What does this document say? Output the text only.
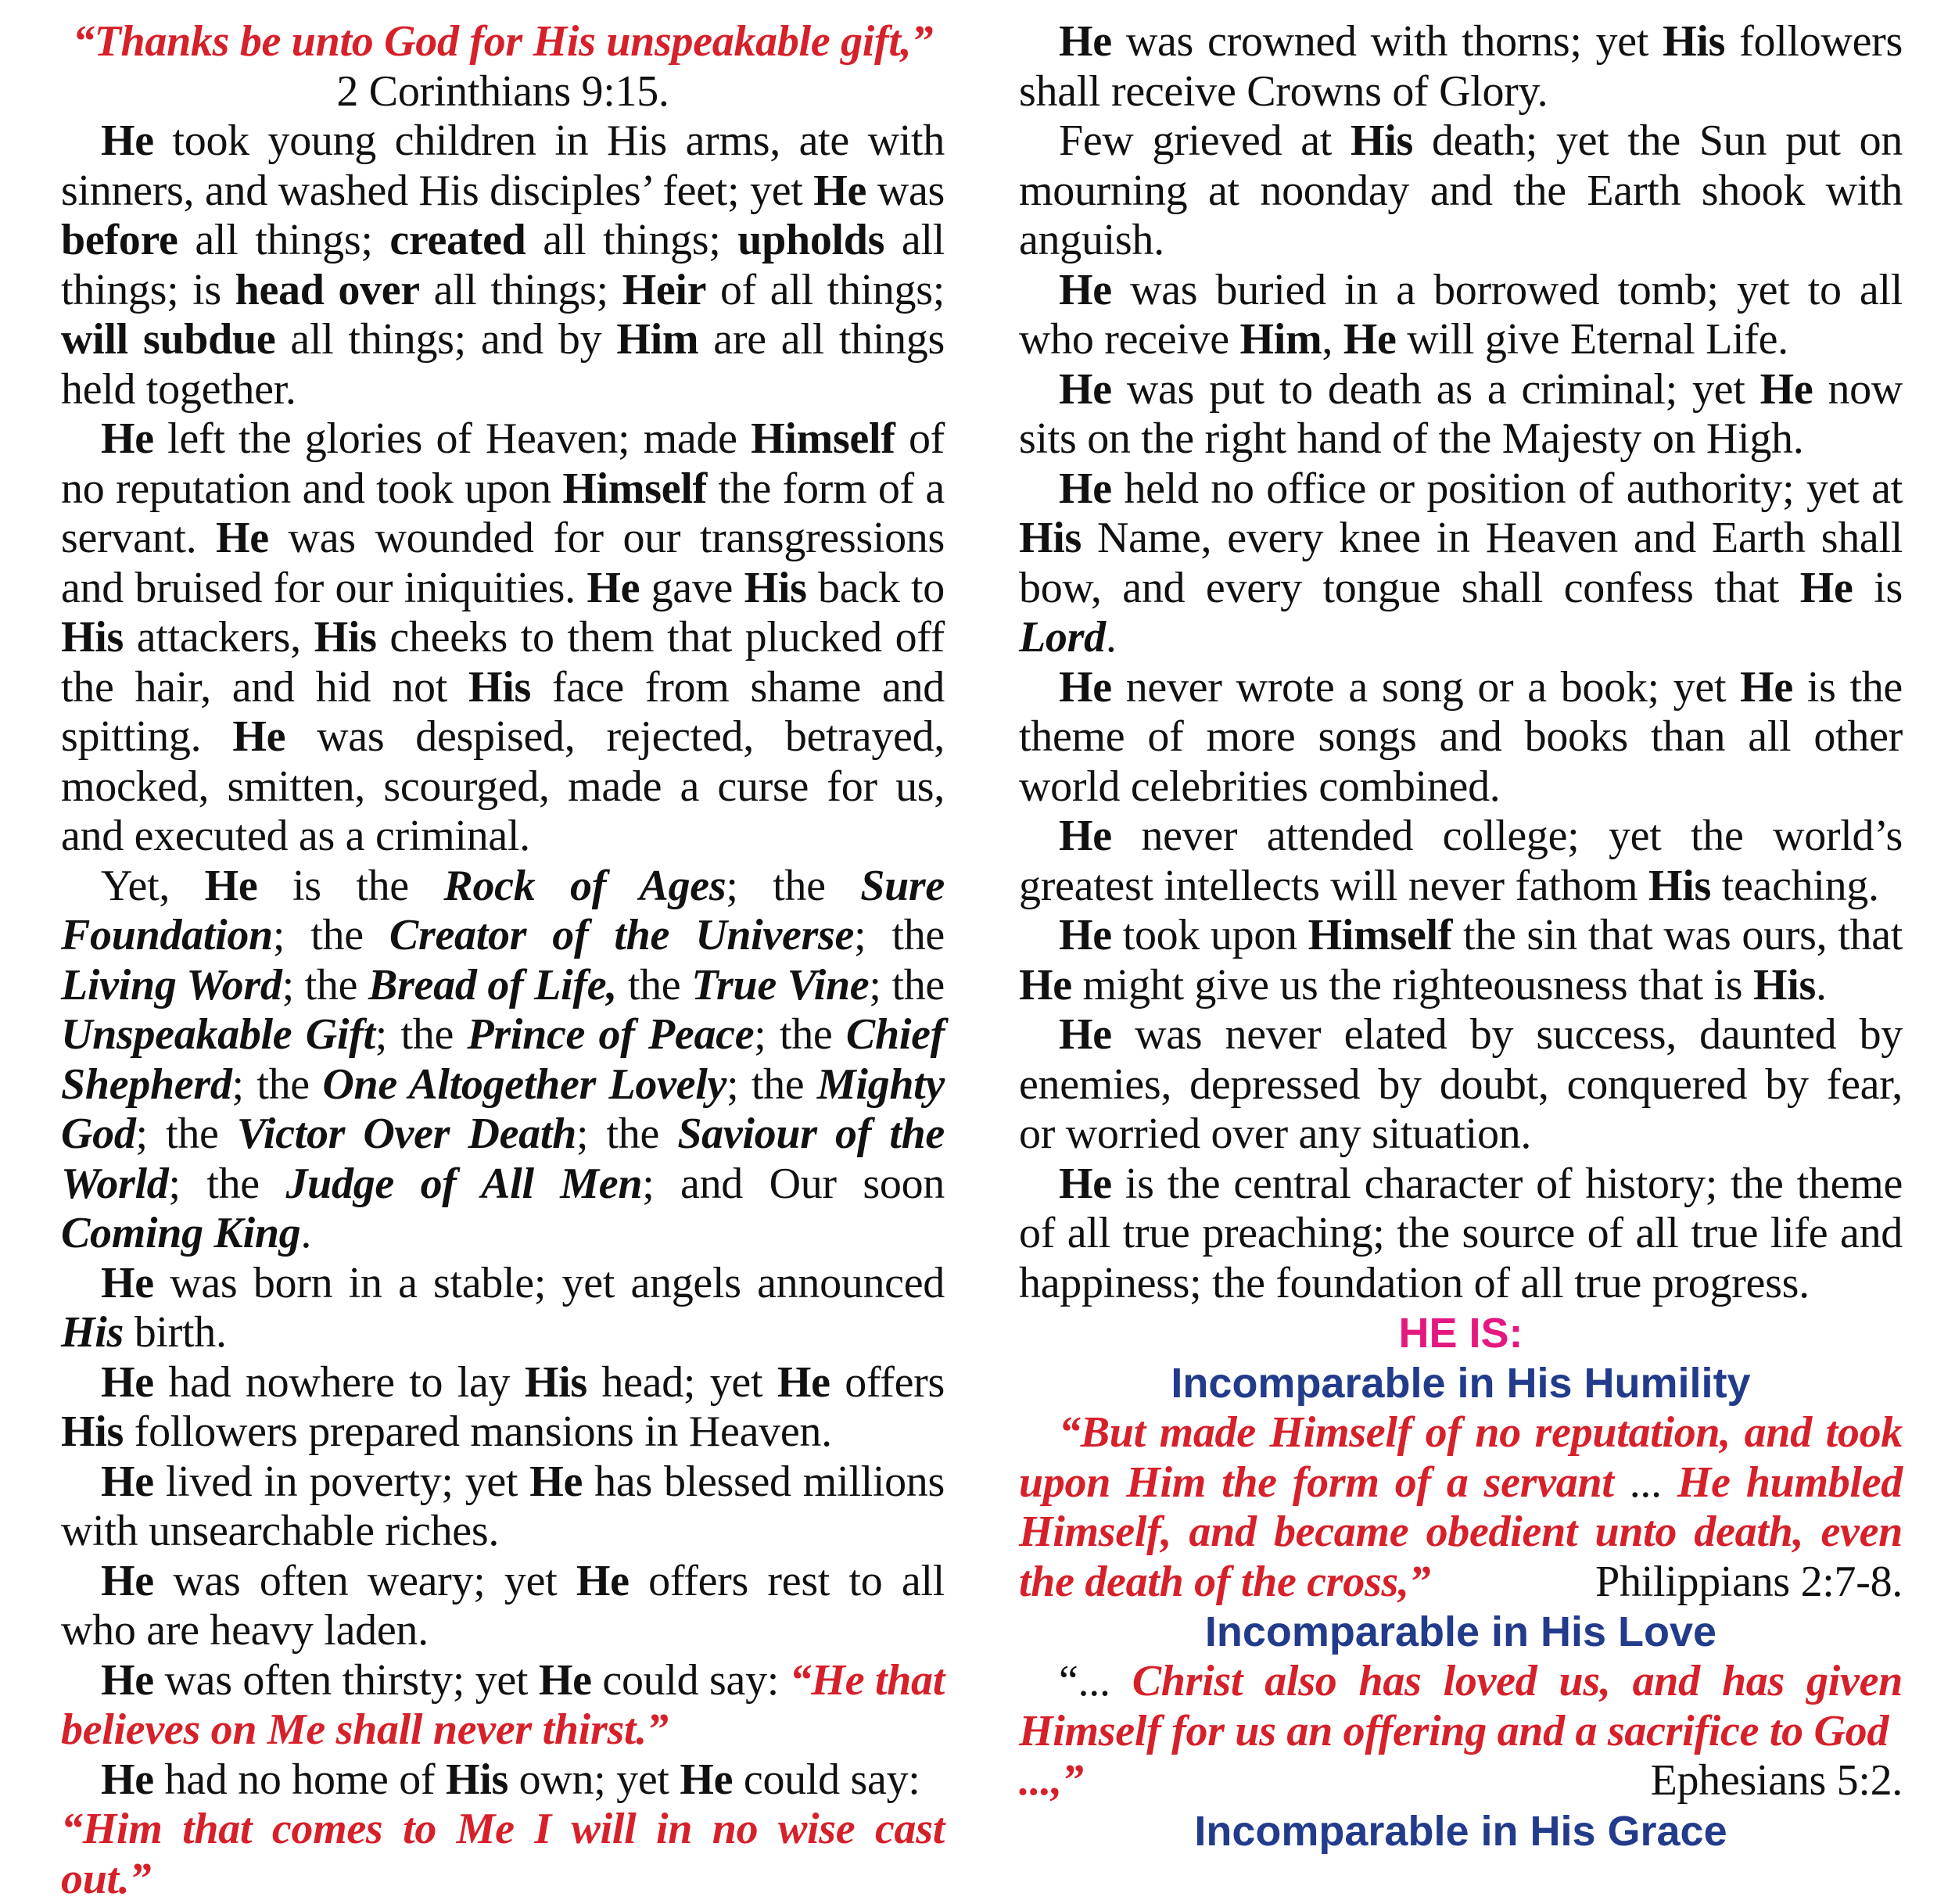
“Thanks be unto God for His unspeakable gift,” 2 Corinthians 9:15.

He took young children in His arms, ate with sinners, and washed His disciples’ feet; yet He was before all things; created all things; upholds all things; is head over all things; Heir of all things; will subdue all things; and by Him are all things held together.

He left the glories of Heaven; made Himself of no reputation and took upon Himself the form of a servant. He was wounded for our transgressions and bruised for our iniquities. He gave His back to His attackers, His cheeks to them that plucked off the hair, and hid not His face from shame and spitting. He was despised, rejected, betrayed, mocked, smitten, scourged, made a curse for us, and executed as a criminal.

Yet, He is the Rock of Ages; the Sure Foundation; the Creator of the Universe; the Living Word; the Bread of Life, the True Vine; the Unspeakable Gift; the Prince of Peace; the Chief Shepherd; the One Altogether Lovely; the Mighty God; the Victor Over Death; the Saviour of the World; the Judge of All Men; and Our soon Coming King.

He was born in a stable; yet angels announced His birth.

He had nowhere to lay His head; yet He offers His followers prepared mansions in Heaven.

He lived in poverty; yet He has blessed millions with unsearchable riches.

He was often weary; yet He offers rest to all who are heavy laden.

He was often thirsty; yet He could say: “He that believes on Me shall never thirst.”

He had no home of His own; yet He could say:

“Him that comes to Me I will in no wise cast out.”

He was crowned with thorns; yet His followers shall receive Crowns of Glory.

Few grieved at His death; yet the Sun put on mourning at noonday and the Earth shook with anguish.

He was buried in a borrowed tomb; yet to all who receive Him, He will give Eternal Life.

He was put to death as a criminal; yet He now sits on the right hand of the Majesty on High.

He held no office or position of authority; yet at His Name, every knee in Heaven and Earth shall bow, and every tongue shall confess that He is Lord.

He never wrote a song or a book; yet He is the theme of more songs and books than all other world celebrities combined.

He never attended college; yet the world’s greatest intellects will never fathom His teaching.

He took upon Himself the sin that was ours, that He might give us the righteousness that is His.

He was never elated by success, daunted by enemies, depressed by doubt, conquered by fear, or worried over any situation.

He is the central character of history; the theme of all true preaching; the source of all true life and happiness; the foundation of all true progress.

HE IS:
Incomparable in His Humility

“But made Himself of no reputation, and took upon Him the form of a servant ... He humbled Himself, and became obedient unto death, even the death of the cross,”	Philippians 2:7-8.

Incomparable in His Love

“... Christ also has loved us, and has given Himself for us an offering and a sacrifice to God

...,”	Ephesians 5:2.

Incomparable in His Grace
